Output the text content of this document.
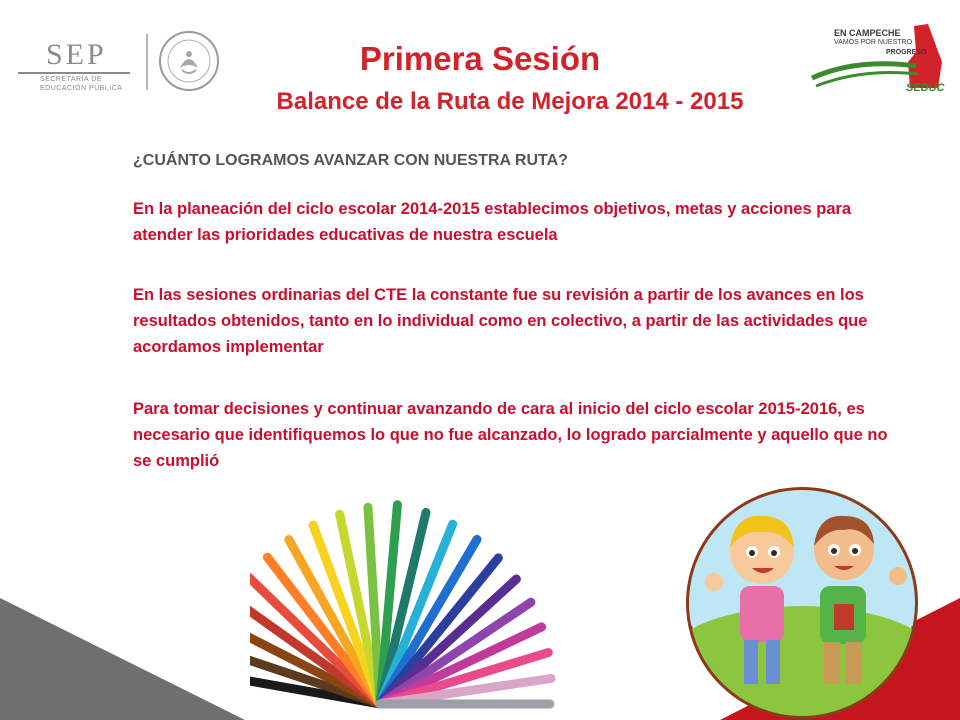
SEP
SECRETARÍA DE
EDUCACIÓN PÚBLICA
EN CAMPECHE
VAMOS POR NUESTRO
PROGRESO
SEDUC
Primera Sesión
Balance de la Ruta de Mejora 2014 - 2015
¿CUÁNTO LOGRAMOS AVANZAR CON NUESTRA RUTA?

En la planeación del ciclo escolar 2014-2015 establecimos objetivos, metas y acciones para atender las prioridades educativas de nuestra escuela

En las sesiones ordinarias del CTE la constante fue su revisión a partir de los avances en los resultados obtenidos, tanto en lo individual como en colectivo, a partir de las actividades que acordamos implementar

Para tomar decisiones y continuar avanzando de cara al inicio del ciclo escolar 2015-2016, es necesario que identifiquemos lo que no fue alcanzado, lo logrado parcialmente y aquello que no se cumplió
